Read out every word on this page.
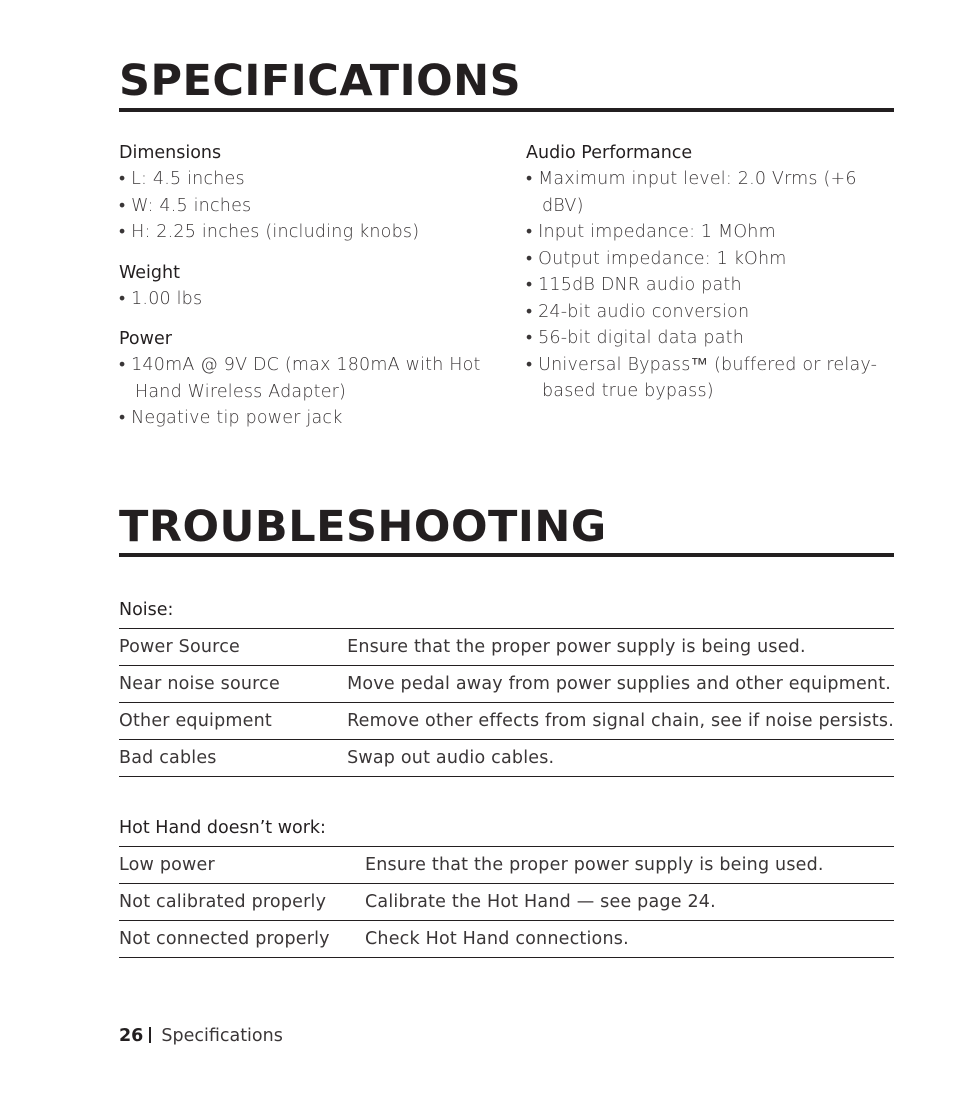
SPECIFICATIONS
Dimensions
• L: 4.5 inches
• W: 4.5 inches
• H: 2.25 inches (including knobs)
Weight
• 1.00 lbs
Power
• 140mA @ 9V DC (max 180mA with Hot Hand Wireless Adapter)
• Negative tip power jack
Audio Performance
• Maximum input level: 2.0 Vrms (+6 dBV)
• Input impedance: 1 MOhm
• Output impedance: 1 kOhm
• 115dB DNR audio path
• 24-bit audio conversion
• 56-bit digital data path
• Universal Bypass™ (buffered or relay-based true bypass)
TROUBLESHOOTING
Noise:
Power Source	Ensure that the proper power supply is being used.
Near noise source	Move pedal away from power supplies and other equipment.
Other equipment	Remove other effects from signal chain, see if noise persists.
Bad cables	Swap out audio cables.
Hot Hand doesn’t work:
Low power	Ensure that the proper power supply is being used.
Not calibrated properly	Calibrate the Hot Hand — see page 24.
Not connected properly	Check Hot Hand connections.
26 Specifications
